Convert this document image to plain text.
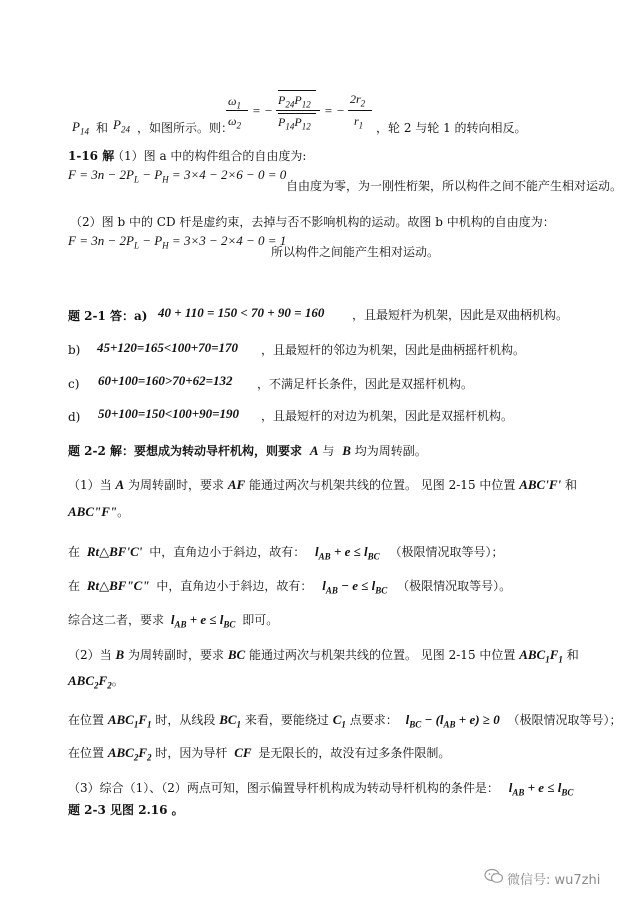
$P_{14}$ 和 $P_{24}$ ，如图所示。则：
$\omega_1$
$\omega_2$
= −
$P_{24}P_{12}$
$P_{14}P_{12}$
= −
$2r_2$
$r_1$ ，轮 2 与轮 1 的转向相反。
1-16 解
（1）图 a 中的构件组合的自由度为:
$F = 3n - 2P_L - P_H = 3\times 4 - 2\times 6 - 0 = 0$
自由度为零，为一刚性桁架，所以构件之间不能产生相对运动。
（2）图 b 中的 CD 杆是虚约束，去掉与否不影响机构的运动。故图 b 中机构的自由度为：
$F = 3n - 2P_L - P_H = 3\times 3 - 2\times 4 - 0 = 1$
所以构件之间能产生相对运动。
题 2-1 答：a) 40 + 110 = 150 < 70 + 90 = 160 ，且最短杆为机架，因此是双曲柄机构。
b) 45+120=165<100+70=170 ，且最短杆的邻边为机架，因此是曲柄摇杆机构。
c) 60+100=160>70+62=132 ，不满足杆长条件，因此是双摇杆机构。
d) 50+100=150<100+90=190 ，且最短杆的对边为机架，因此是双摇杆机构。
题 2-2 解：要想成为转动导杆机构，则要求 A 与 B 均为周转副。
（1）当 A 为周转副时，要求 AF 能通过两次与机架共线的位置。 见图 2-15 中位置 ABC'F' 和
ABC"F"。
在 Rt△BF'C' 中，直角边小于斜边，故有： $l_{AB} + e \le l_{BC}$ （极限情况取等号）；
在 Rt△BF"C" 中，直角边小于斜边，故有： $l_{AB} - e \le l_{BC}$ （极限情况取等号）。
综合这二者，要求 $l_{AB} + e \le l_{BC}$ 即可。
（2）当 B 为周转副时，要求 BC 能通过两次与机架共线的位置。 见图 2-15 中位置 $ABC_1F_1$ 和
$ABC_2F_2$。
在位置 $ABC_1F_1$ 时，从线段 $BC_1$ 来看，要能绕过 $C_1$ 点要求： $l_{BC} - (l_{AB} + e) \ge 0$ （极限情况取等号）；
在位置 $ABC_2F_2$ 时，因为导杆 CF 是无限长的，故没有过多条件限制。
（3）综合（1）、（2）两点可知，图示偏置导杆机构成为转动导杆机构的条件是： $l_{AB} + e \le l_{BC}$
题 2-3 见图 2.16 。
微信号: wu7zhi
